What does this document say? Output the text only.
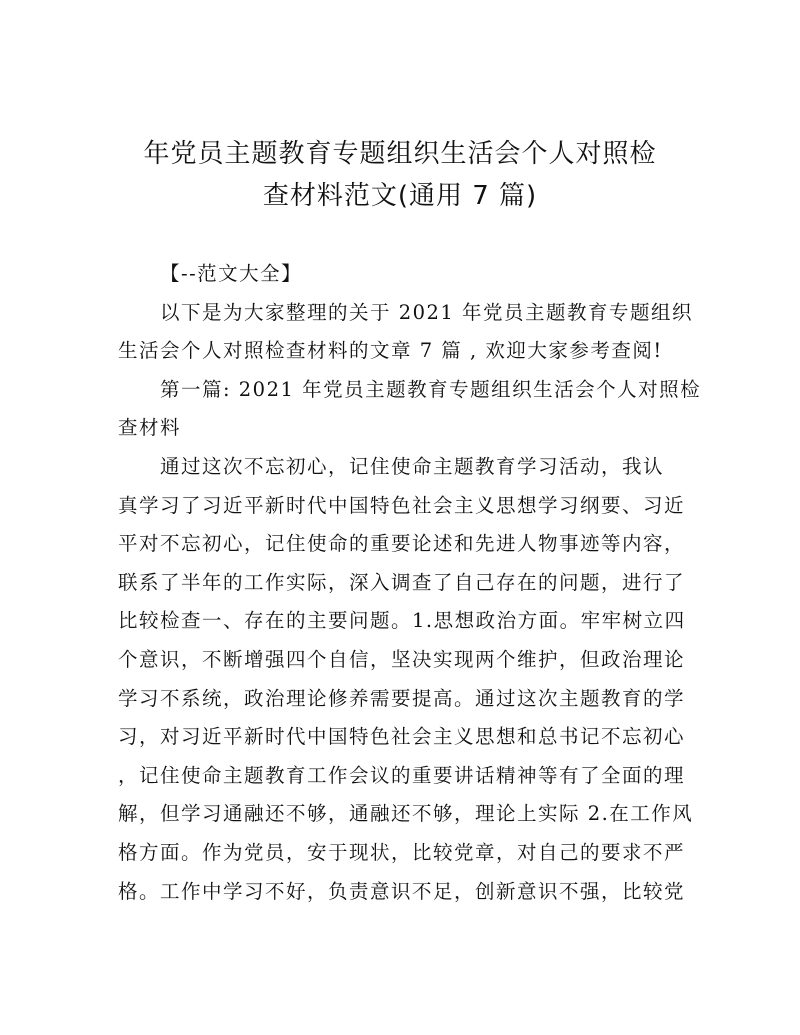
年党员主题教育专题组织生活会个人对照检
查材料范文(通用 7 篇)

【--范文大全】

以下是为大家整理的关于 2021 年党员主题教育专题组织
生活会个人对照检查材料的文章 7 篇 , 欢迎大家参考查阅!

第一篇: 2021 年党员主题教育专题组织生活会个人对照检
查材料

通过这次不忘初心，记住使命主题教育学习活动，我认
真学习了习近平新时代中国特色社会主义思想学习纲要、习近
平对不忘初心，记住使命的重要论述和先进人物事迹等内容，
联系了半年的工作实际，深入调查了自己存在的问题，进行了
比较检查一、存在的主要问题。1.思想政治方面。牢牢树立四
个意识，不断增强四个自信，坚决实现两个维护，但政治理论
学习不系统，政治理论修养需要提高。通过这次主题教育的学
习，对习近平新时代中国特色社会主义思想和总书记不忘初心
，记住使命主题教育工作会议的重要讲话精神等有了全面的理
解，但学习通融还不够，通融还不够，理论上实际 2.在工作风
格方面。作为党员，安于现状，比较党章，对自己的要求不严
格。工作中学习不好，负责意识不足，创新意识不强，比较党
